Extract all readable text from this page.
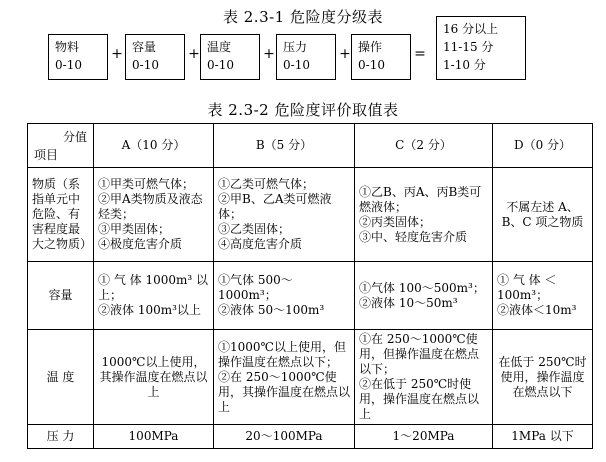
表 2.3-1 危险度分级表
物料
0-10
+ 容量
0-10
+ 温度
0-10
+ 压力
0-10
+ 操作
0-10
=
16 分以上
11-15 分
1-10 分
表 2.3-2 危险度评价取值表
分值
项目	A（10 分）	B（5 分）	C（2 分）	D（0 分）
物质（系指单元中危险、有害程度最大之物质）	①甲类可燃气体；
②甲A类物质及液态烃类；
③甲类固体；
④极度危害介质	①乙类可燃气体；
②甲B、乙A类可燃液体；
③乙类固体；
④高度危害介质	①乙B、丙A、丙B类可燃液体；
②丙类固体；
③中、轻度危害介质	不属左述 A、B、C 项之物质

容量	① 气 体 1000m³ 以上；
②液体 100m³以上	①气体 500～1000m³；
②液体 50～100m³	①气体 100～500m³；
②液体 10～50m³	① 气 体 ＜ 100m³；
②液体＜10m³

温 度	1000℃以上使用，其操作温度在燃点以上	①1000℃以上使用，但操作温度在燃点以下；
②在 250～1000℃使用，其操作温度在燃点以上	①在 250～1000℃使用，但操作温度在燃点以下；
②在低于 250℃时使用，操作温度在燃点以上	在低于 250℃时使用，操作温度在燃点以下

压 力	100MPa	20～100MPa	1～20MPa	1MPa 以下
